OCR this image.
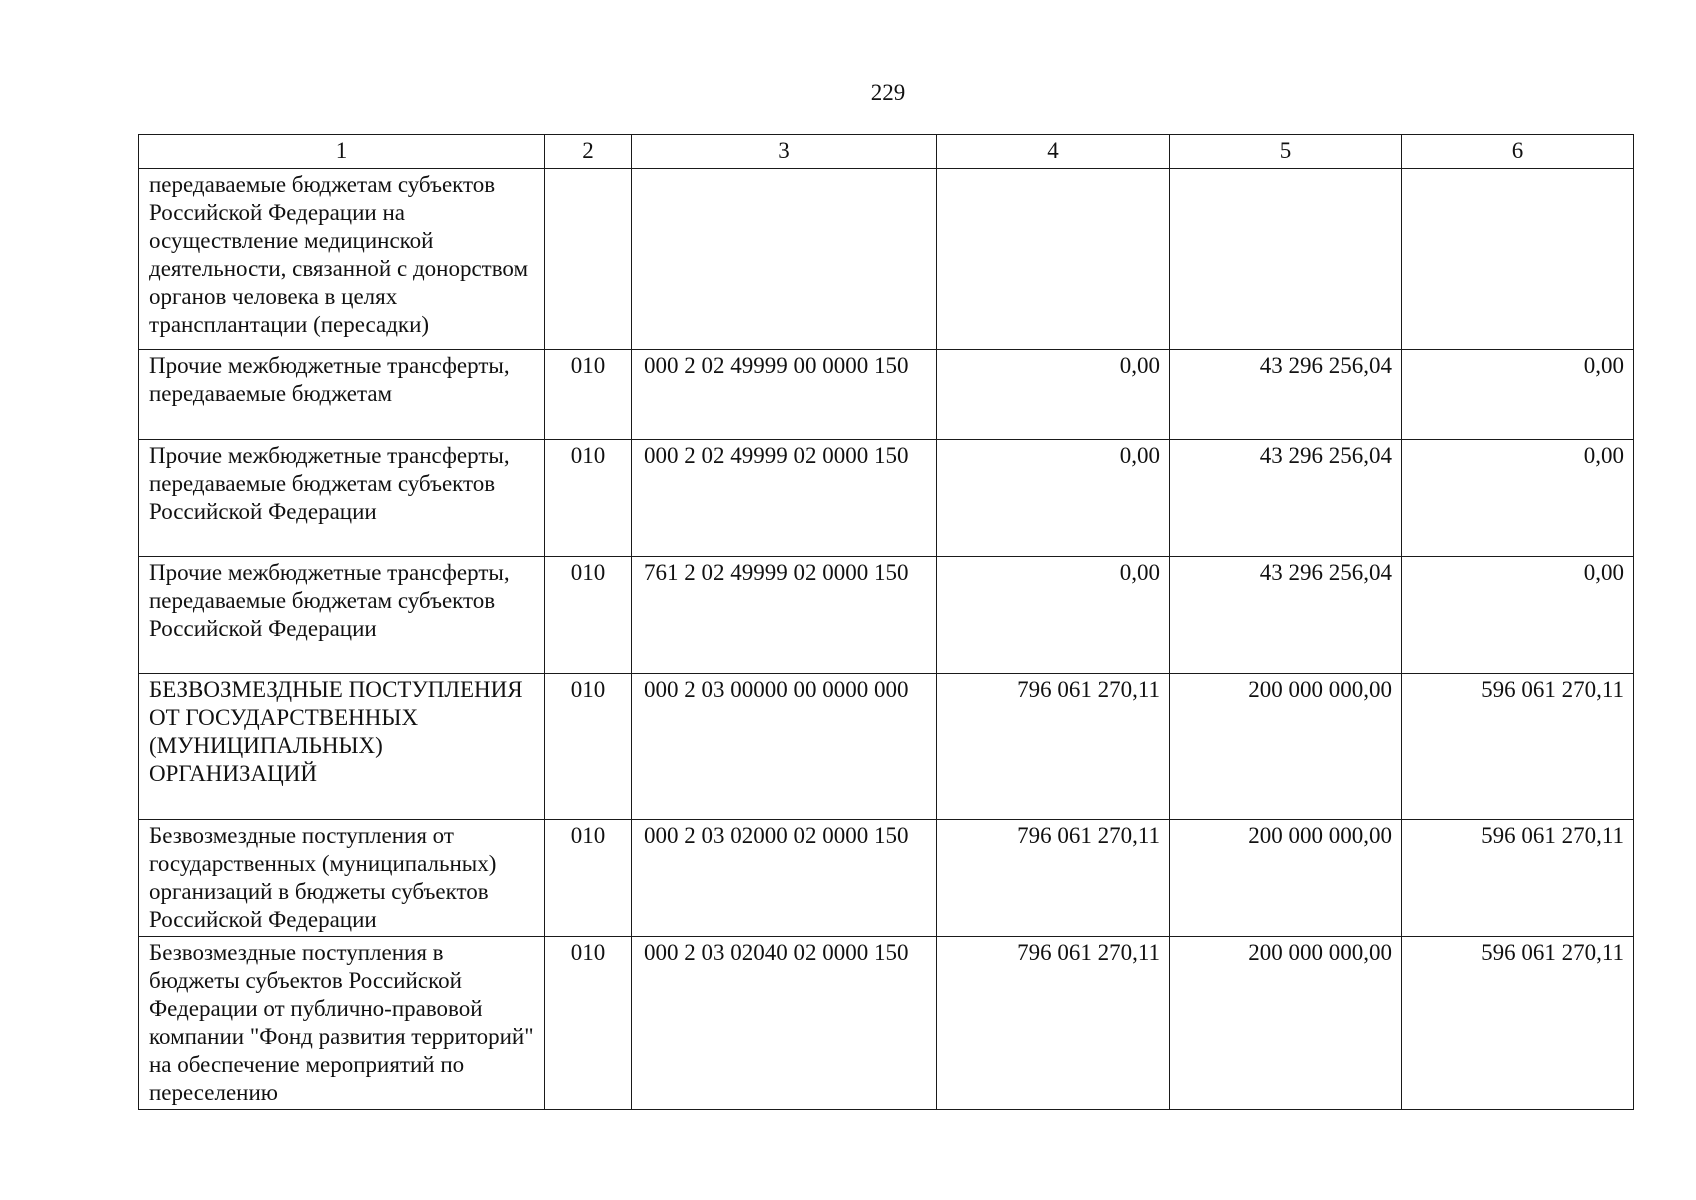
229
1	2	3	4	5	6
передаваемые бюджетам субъектов Российской Федерации на осуществление медицинской деятельности, связанной с донорством органов человека в целях трансплантации (пересадки)					
Прочие межбюджетные трансферты, передаваемые бюджетам	010	000 2 02 49999 00 0000 150	0,00	43 296 256,04	0,00
Прочие межбюджетные трансферты, передаваемые бюджетам субъектов Российской Федерации	010	000 2 02 49999 02 0000 150	0,00	43 296 256,04	0,00
Прочие межбюджетные трансферты, передаваемые бюджетам субъектов Российской Федерации	010	761 2 02 49999 02 0000 150	0,00	43 296 256,04	0,00
БЕЗВОЗМЕЗДНЫЕ ПОСТУПЛЕНИЯ ОТ ГОСУДАРСТВЕННЫХ (МУНИЦИПАЛЬНЫХ) ОРГАНИЗАЦИЙ	010	000 2 03 00000 00 0000 000	796 061 270,11	200 000 000,00	596 061 270,11
Безвозмездные поступления от государственных (муниципальных) организаций в бюджеты субъектов Российской Федерации	010	000 2 03 02000 02 0000 150	796 061 270,11	200 000 000,00	596 061 270,11
Безвозмездные поступления в бюджеты субъектов Российской Федерации от публично-правовой компании "Фонд развития территорий" на обеспечение мероприятий по переселению	010	000 2 03 02040 02 0000 150	796 061 270,11	200 000 000,00	596 061 270,11
